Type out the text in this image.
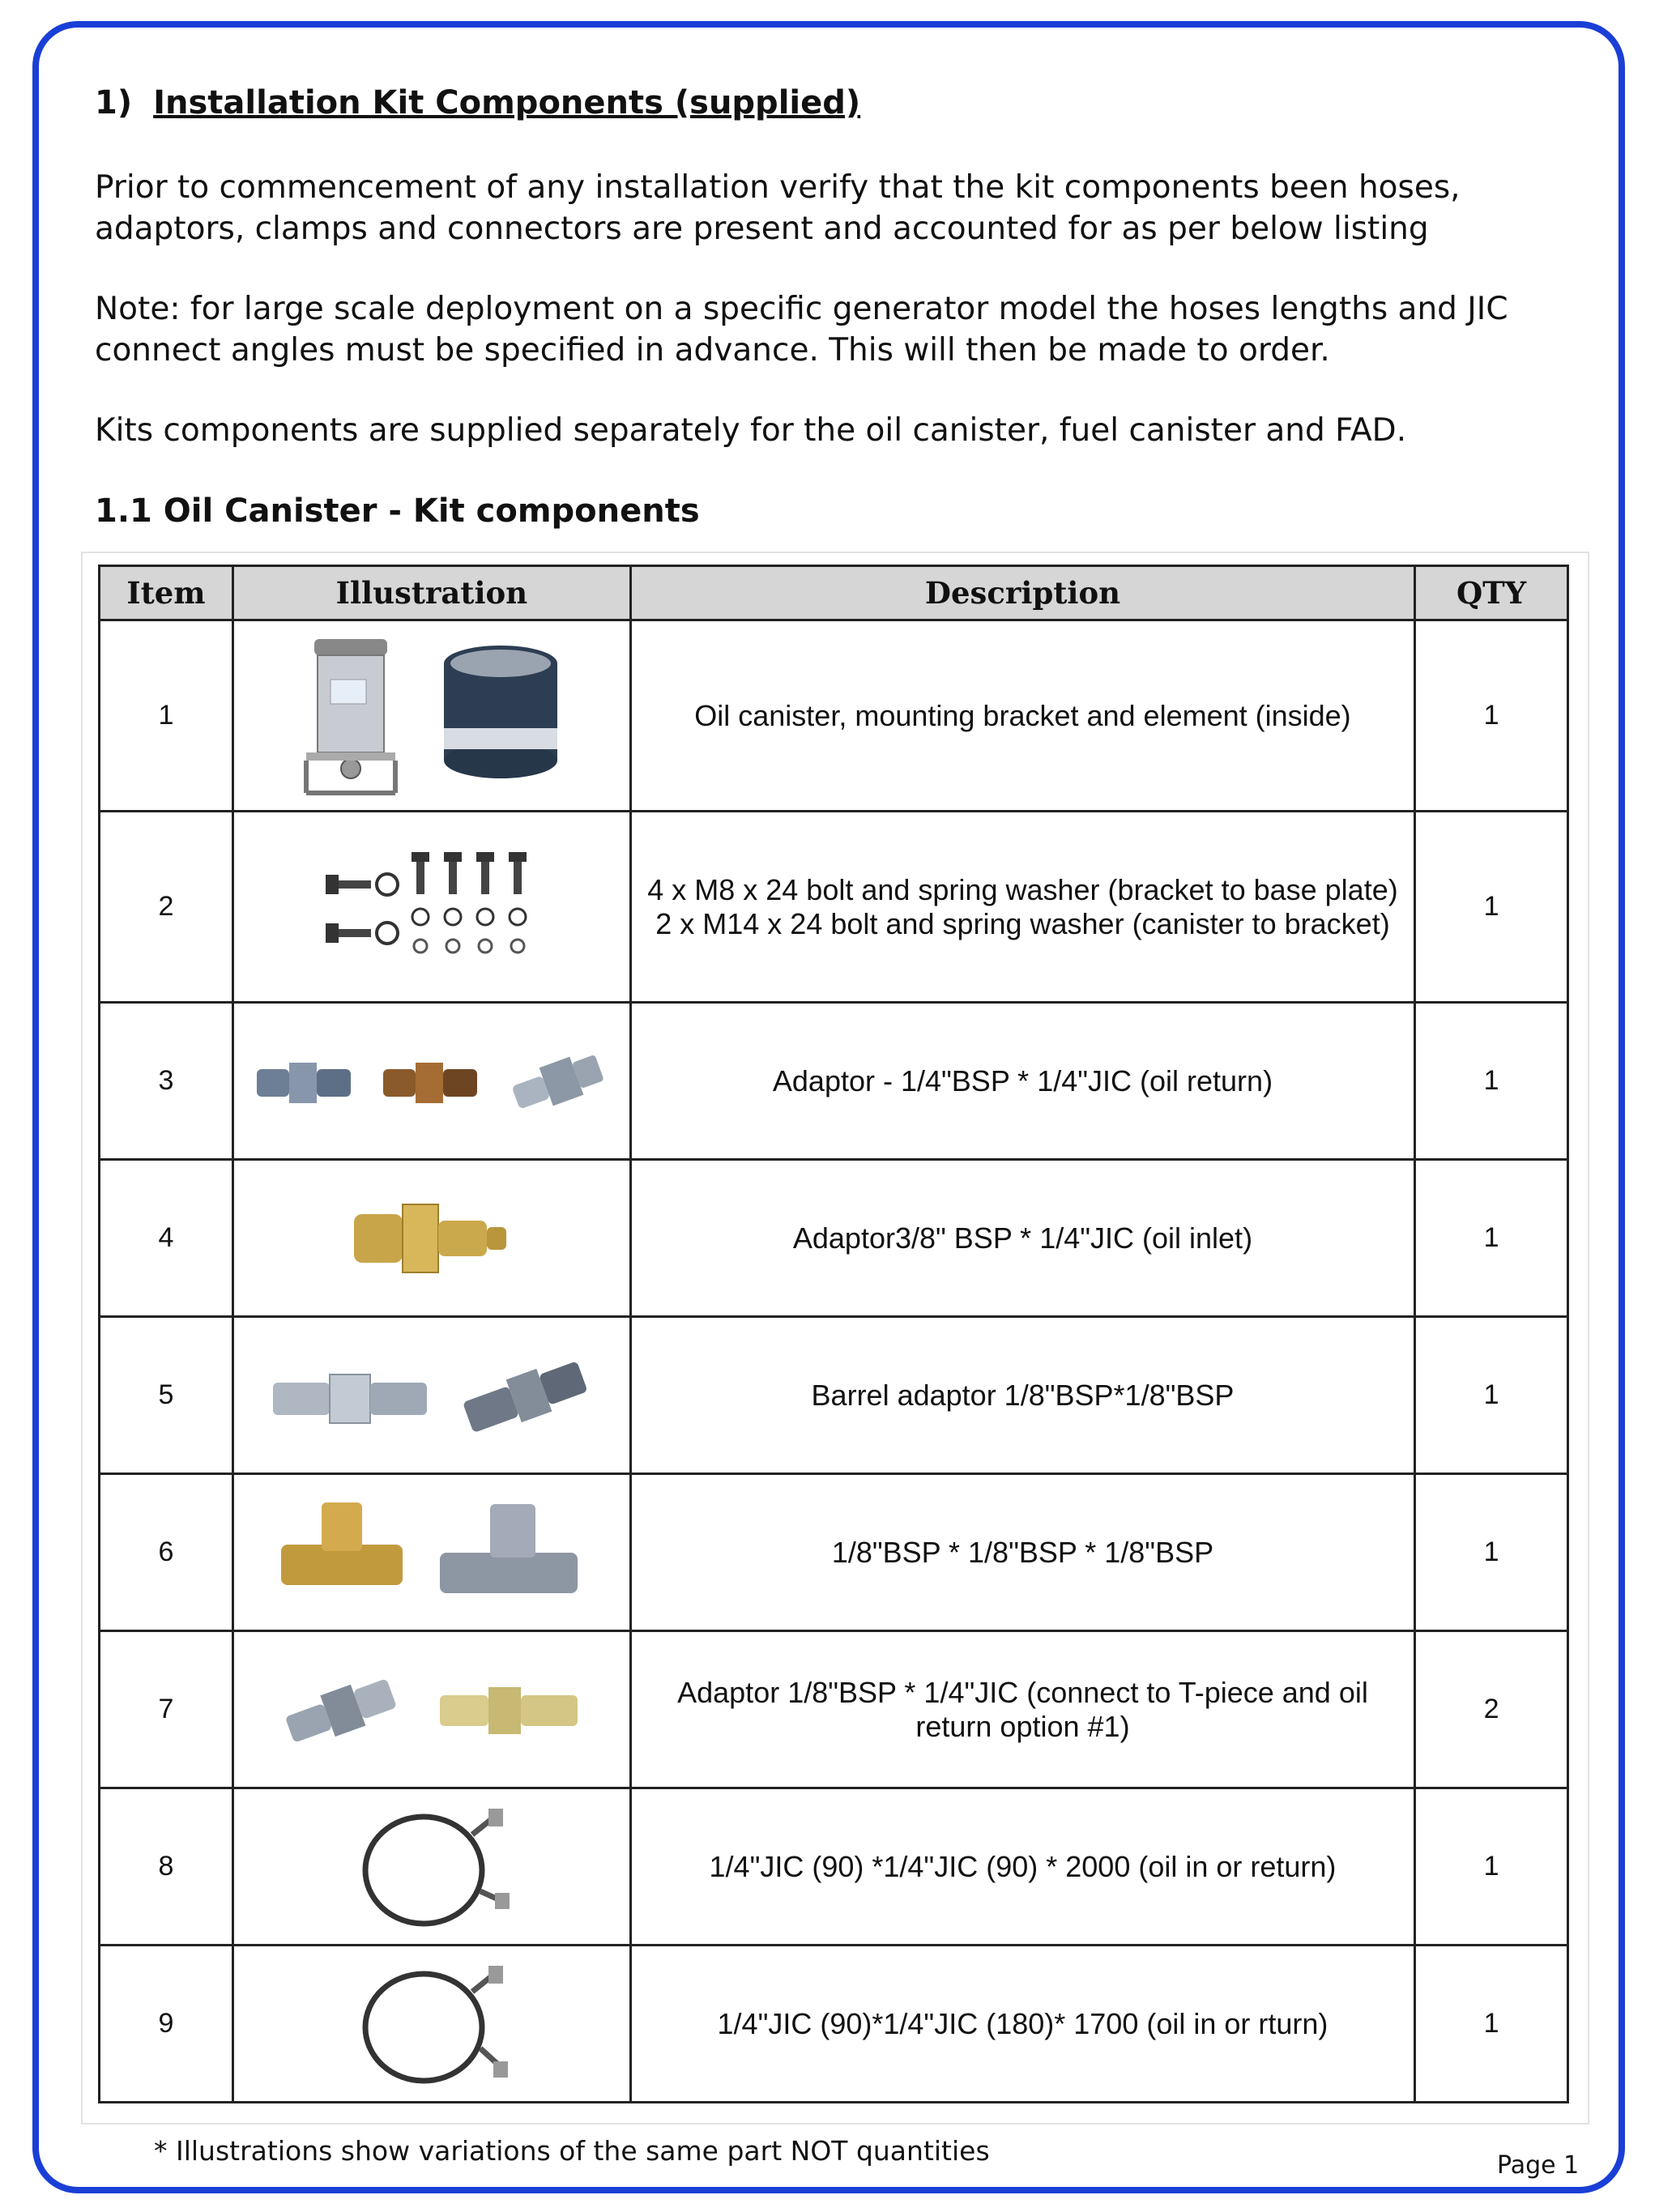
1) Installation Kit Components (supplied)
Prior to commencement of any installation verify that the kit components been hoses, adaptors, clamps and connectors are present and accounted for as per below listing
Note: for large scale deployment on a specific generator model the hoses lengths and JIC connect angles must be specified in advance. This will then be made to order.
Kits components are supplied separately for the oil canister, fuel canister and FAD.
1.1 Oil Canister - Kit components
Item	Illustration	Description	QTY
1		Oil canister, mounting bracket and element (inside)	1
2		4 x M8 x 24 bolt and spring washer (bracket to base plate)
2 x M14 x 24 bolt and spring washer (canister to bracket)	1
3		Adaptor - 1/4"BSP * 1/4"JIC (oil return)	1
4		Adaptor3/8" BSP * 1/4"JIC (oil inlet)	1
5		Barrel adaptor 1/8"BSP*1/8"BSP	1
6		1/8"BSP * 1/8"BSP * 1/8"BSP	1
7		Adaptor 1/8"BSP * 1/4"JIC (connect to T-piece and oil
return option #1)	2
8		1/4"JIC (90) *1/4"JIC (90) * 2000 (oil in or return)	1
9		1/4"JIC (90)*1/4"JIC (180)* 1700 (oil in or rturn)	1
* Illustrations show variations of the same part NOT quantities	Page 1
